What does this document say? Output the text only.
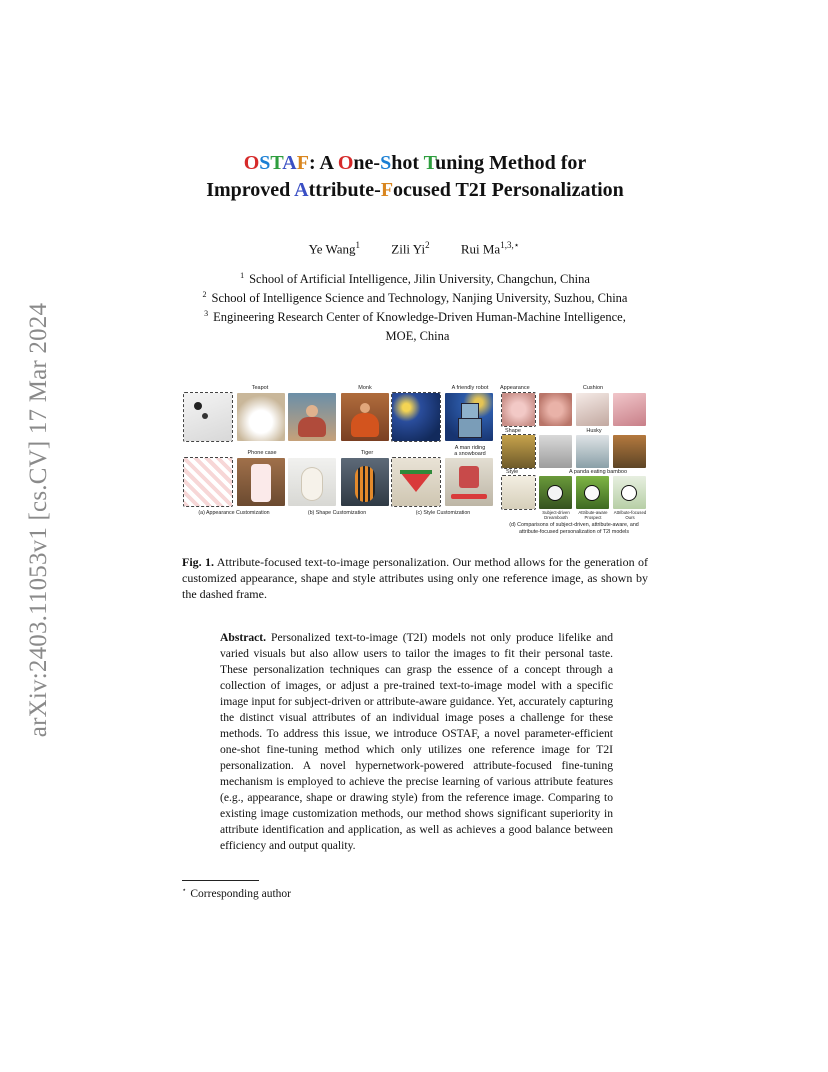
arXiv:2403.11053v1 [cs.CV] 17 Mar 2024
OSTAF: A One-Shot Tuning Method for
Improved Attribute-Focused T2I Personalization
Ye Wang$^1$ Zili Yi$^2$ Rui $Ma^{1,3,⋆}$
$^1$ School of Artificial Intelligence, Jilin University, Changchun, China
$^2$ School of Intelligence Science and Technology, Nanjing University, Suzhou, China
$^3$ Engineering Research Center of Knowledge-Driven Human-Machine Intelligence,
MOE, China
Teapot
Phone case
(a) Appearance Customization
Monk
Tiger
(b) Shape Customization
A friendly robot
A man riding
a snowboard
(c) Style Customization
Appearance	Cushion
Shape	Husky
Style	A panda eating bamboo
Subject-driven
Dreambooth
Attribute-aware
Prospect
Attribute-focused
Ours
(d) Comparisons of subject-driven, attribute-aware, and
attribute-focused personalization of T2I models
Fig. 1. Attribute-focused text-to-image personalization. Our method allows for the generation of customized appearance, shape and style attributes using only one reference image, as shown by the dashed frame.
Abstract. Personalized text-to-image (T2I) models not only produce lifelike and varied visuals but also allow users to tailor the images to fit their personal taste. These personalization techniques can grasp the essence of a concept through a collection of images, or adjust a pre-trained text-to-image model with a specific image input for subject-driven or attribute-aware guidance. Yet, accurately capturing the distinct visual attributes of an individual image poses a challenge for these methods. To address this issue, we introduce OSTAF, a novel parameter-efficient one-shot fine-tuning method which only utilizes one reference image for T2I personalization. A novel hypernetwork-powered attribute-focused fine-tuning mechanism is employed to achieve the precise learning of various attribute features (e.g., appearance, shape or drawing style) from the reference image. Comparing to existing image customization methods, our method shows significant superiority in attribute identification and application, as well as achieves a good balance between efficiency and output quality.
⋆ Corresponding author
